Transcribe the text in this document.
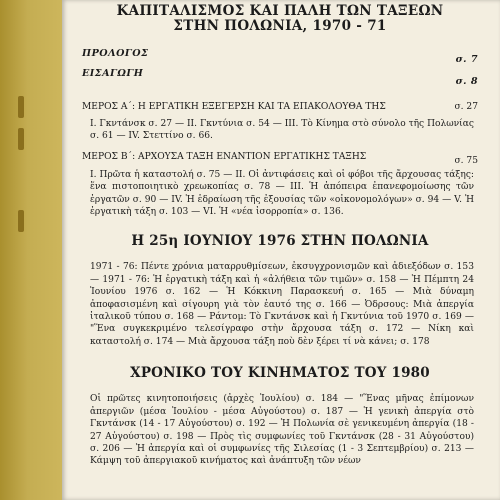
ΚΑΠΙΤΑΛΙΣΜΟΣ ΚΑΙ ΠΑΛΗ ΤΩΝ ΤΑΞΕΩΝ
ΣΤΗΝ ΠΟΛΩΝΙΑ, 1970 - 71
ΠΡΟΛΟΓΟΣ
σ. 7
ΕΙΣΑΓΩΓΗ
σ. 8
ΜΕΡΟΣ Α΄: Η ΕΡΓΑΤΙΚΗ ΕΞΕΓΕΡΣΗ ΚΑΙ ΤΑ ΕΠΑΚΟΛΟΥΘΑ ΤΗΣ	σ. 27
Ι. Γκντάνσκ σ. 27 — ΙΙ. Γκντύνια σ. 54 — ΙΙΙ. Τὸ Κίνημα στὸ σύνολο τῆς Πολωνίας σ. 61 — IV. Στεττίνο σ. 66.
ΜΕΡΟΣ Β΄: ΑΡΧΟΥΣΑ ΤΑΞΗ ΕΝΑΝΤΙΟΝ ΕΡΓΑΤΙΚΗΣ ΤΑΞΗΣ	σ. 75
Ι. Πρῶτα ἡ καταστολή σ. 75 — ΙΙ. Οἱ ἀντιφάσεις καὶ οἱ φόβοι τῆς ἄρχουσας τάξης: ἕνα πιστοποιητικὸ χρεωκοπίας σ. 78 — ΙΙΙ. Ἡ ἀπόπειρα ἐπανεφομοίωσης τῶν ἐργατῶν σ. 90 — IV. Ἡ ἑδραίωση τῆς ἐξουσίας τῶν «οἰκονομολόγων» σ. 94 — V. Ἡ ἐργατικὴ τάξη σ. 103 — VI. Ἡ «νέα ἰσορροπία» σ. 136.
Η 25η ΙΟΥΝΙΟΥ 1976 ΣΤΗΝ ΠΟΛΩΝΙΑ
1971 - 76: Πέντε χρόνια ματαρρυθμίσεων, ἐκσυγχρονισμῶν καὶ ἀδιεξόδων σ. 153 — 1971 - 76: Ἡ ἐργατικὴ τάξη καὶ ἡ «ἀλήθεια τῶν τιμῶν» σ. 158 — Ἡ Πέμπτη 24 Ἰουνίου 1976 σ. 162 — Ἡ Κόκκινη Παρασκευή σ. 165 — Μιὰ δύναμη ἀποφασισμένη καὶ σίγουρη γιὰ τὸν ἑαυτό της σ. 166 — Ὀδρσους: Μιὰ ἀπεργία ἰταλικοῦ τύπου σ. 168 — Ράντομ: Τὸ Γκντάνσκ καὶ ἡ Γκντύνια τοῦ 1970 σ. 169 — "Ἕνα συγκεκριμένο τελεσίγραφο στὴν ἄρχουσα τάξη σ. 172 — Νίκη καὶ καταστολή σ. 174 — Μιὰ ἄρχουσα τάξη ποὺ δὲν ξέρει τί νὰ κάνει; σ. 178
ΧΡΟΝΙΚΟ ΤΟΥ ΚΙΝΗΜΑΤΟΣ ΤΟΥ 1980
Οἱ πρῶτες κινητοποιήσεις (ἀρχὲς Ἰουλίου) σ. 184 — "Ἕνας μῆνας ἐπίμονων ἀπεργιῶν (μέσα Ἰουλίου - μέσα Αὐγούστου) σ. 187 — Ἡ γενικὴ ἀπεργία στὸ Γκντάνσκ (14 - 17 Αὐγούστου) σ. 192 — Ἡ Πολωνία σὲ γενικευμένη ἀπεργία (18 - 27 Αὐγούστου) σ. 198 — Πρὸς τὶς συμφωνίες τοῦ Γκντάνσκ (28 - 31 Αὐγούστου) σ. 206 — Ἡ ἀπεργία καὶ οἱ συμφωνίες τῆς Σιλεσίας (1 - 3 Σεπτεμβρίου) σ. 213 — Κάμψη τοῦ ἀπεργιακοῦ κινήματος καὶ ἀνάπτυξη τῶν νέων
